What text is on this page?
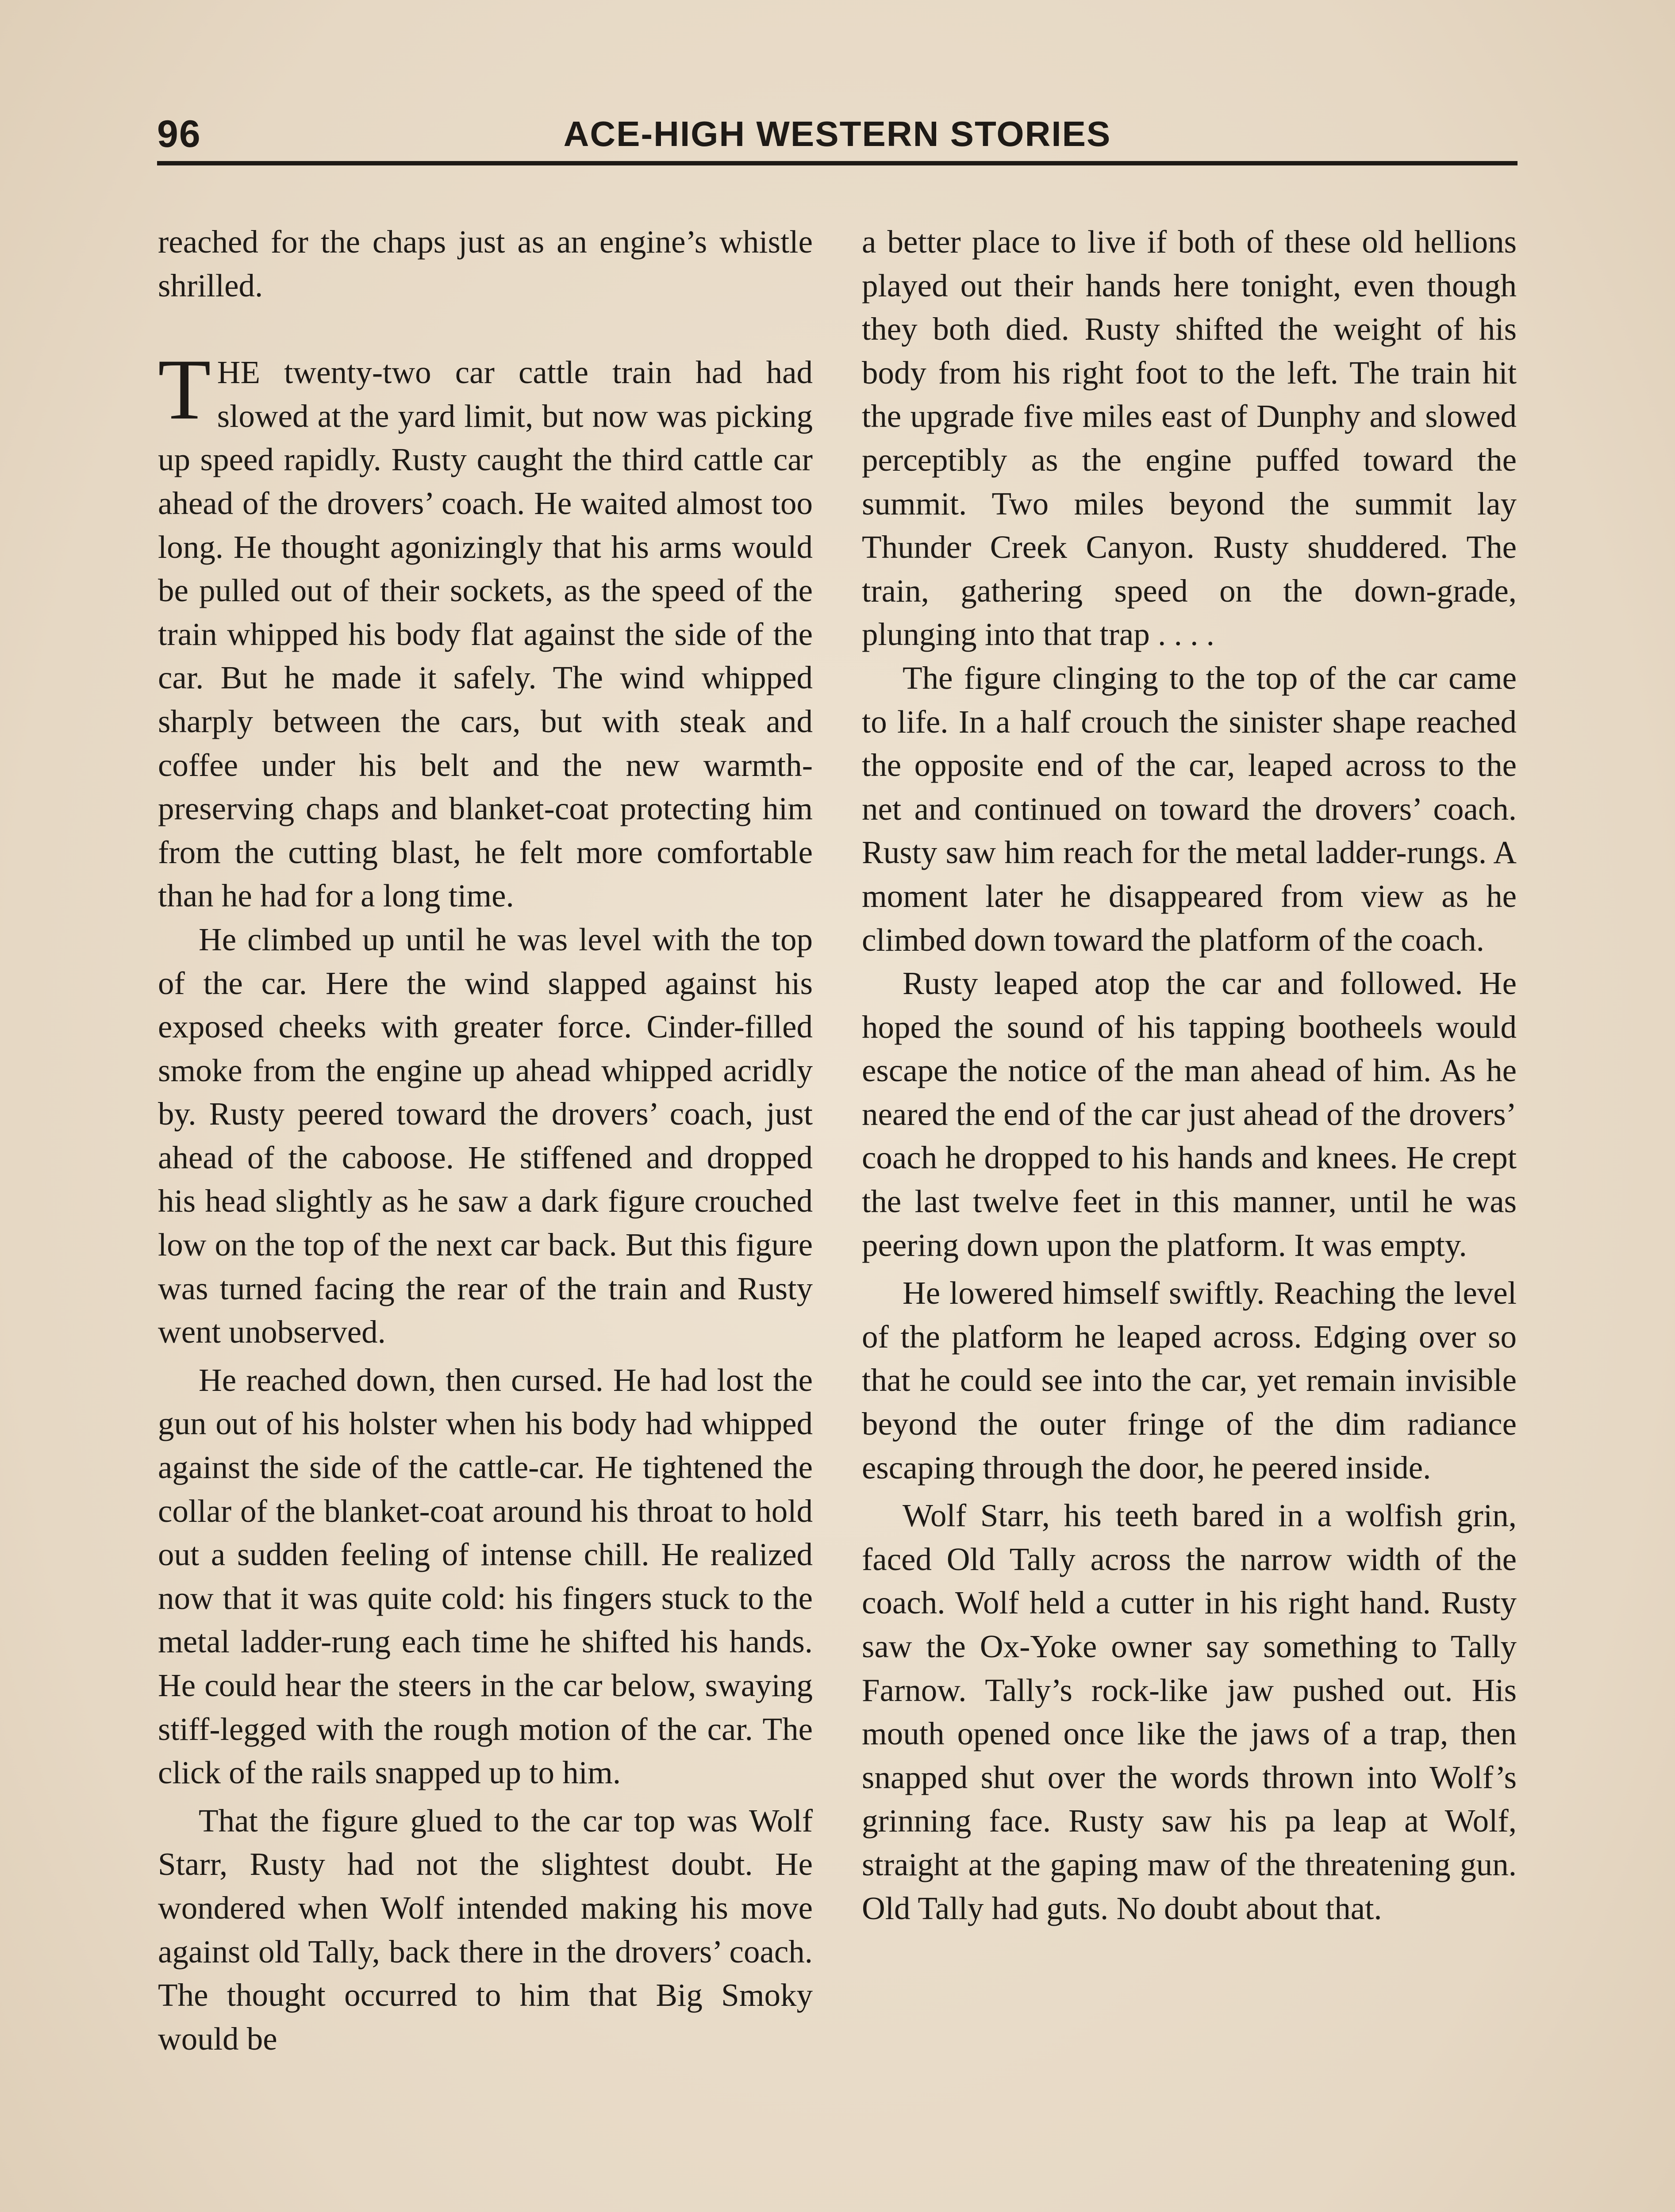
96	ACE-HIGH WESTERN STORIES

reached for the chaps just as an engine’s whistle shrilled.

THE twenty-two car cattle train had had slowed at the yard limit, but now was picking up speed rapidly. Rusty caught the third cattle car ahead of the drovers’ coach. He waited almost too long. He thought agonizingly that his arms would be pulled out of their sockets, as the speed of the train whipped his body flat against the side of the car. But he made it safely. The wind whipped sharply between the cars, but with steak and coffee under his belt and the new warmth-preserving chaps and blanket-coat protecting him from the cutting blast, he felt more comfortable than he had for a long time.

He climbed up until he was level with the top of the car. Here the wind slapped against his exposed cheeks with greater force. Cinder-filled smoke from the engine up ahead whipped acridly by. Rusty peered toward the drovers’ coach, just ahead of the caboose. He stiffened and dropped his head slightly as he saw a dark figure crouched low on the top of the next car back. But this figure was turned facing the rear of the train and Rusty went unobserved.

He reached down, then cursed. He had lost the gun out of his holster when his body had whipped against the side of the cattle-car. He tightened the collar of the blanket-coat around his throat to hold out a sudden feeling of intense chill. He realized now that it was quite cold: his fingers stuck to the metal ladder-rung each time he shifted his hands. He could hear the steers in the car below, swaying stiff-legged with the rough motion of the car. The click of the rails snapped up to him.

That the figure glued to the car top was Wolf Starr, Rusty had not the slightest doubt. He wondered when Wolf intended making his move against old Tally, back there in the drovers’ coach. The thought occurred to him that Big Smoky would be

a better place to live if both of these old hellions played out their hands here tonight, even though they both died. Rusty shifted the weight of his body from his right foot to the left. The train hit the upgrade five miles east of Dunphy and slowed perceptibly as the engine puffed toward the summit. Two miles beyond the summit lay Thunder Creek Canyon. Rusty shuddered. The train, gathering speed on the down-grade, plunging into that trap . . . .

The figure clinging to the top of the car came to life. In a half crouch the sinister shape reached the opposite end of the car, leaped across to the net and continued on toward the drovers’ coach. Rusty saw him reach for the metal ladder-rungs. A moment later he disappeared from view as he climbed down toward the platform of the coach.

Rusty leaped atop the car and followed. He hoped the sound of his tapping bootheels would escape the notice of the man ahead of him. As he neared the end of the car just ahead of the drovers’ coach he dropped to his hands and knees. He crept the last twelve feet in this manner, until he was peering down upon the platform. It was empty.

He lowered himself swiftly. Reaching the level of the platform he leaped across. Edging over so that he could see into the car, yet remain invisible beyond the outer fringe of the dim radiance escaping through the door, he peered inside.

Wolf Starr, his teeth bared in a wolfish grin, faced Old Tally across the narrow width of the coach. Wolf held a cutter in his right hand. Rusty saw the Ox-Yoke owner say something to Tally Farnow. Tally’s rock-like jaw pushed out. His mouth opened once like the jaws of a trap, then snapped shut over the words thrown into Wolf’s grinning face. Rusty saw his pa leap at Wolf, straight at the gaping maw of the threatening gun. Old Tally had guts. No doubt about that.
